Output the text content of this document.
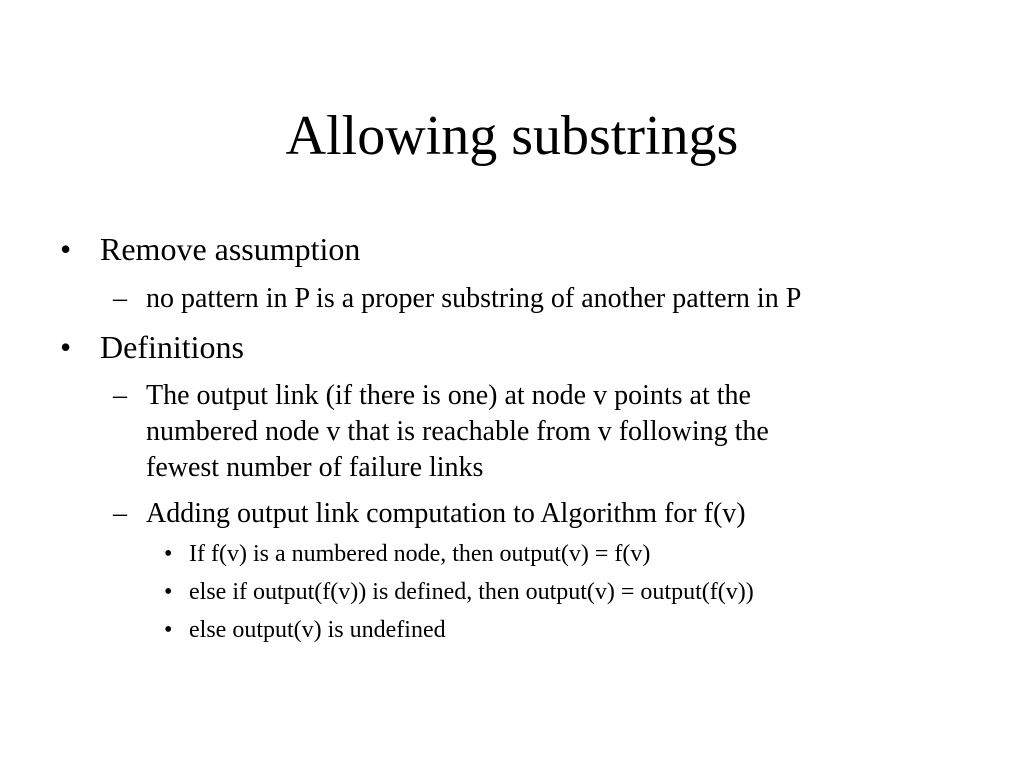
Allowing substrings
• Remove assumption
– no pattern in P is a proper substring of another pattern in P
• Definitions
– The output link (if there is one) at node v points at the
numbered node v that is reachable from v following the
fewest number of failure links
– Adding output link computation to Algorithm for f(v)
• If f(v) is a numbered node, then output(v) = f(v)
• else if output(f(v)) is defined, then output(v) = output(f(v))
• else output(v) is undefined
